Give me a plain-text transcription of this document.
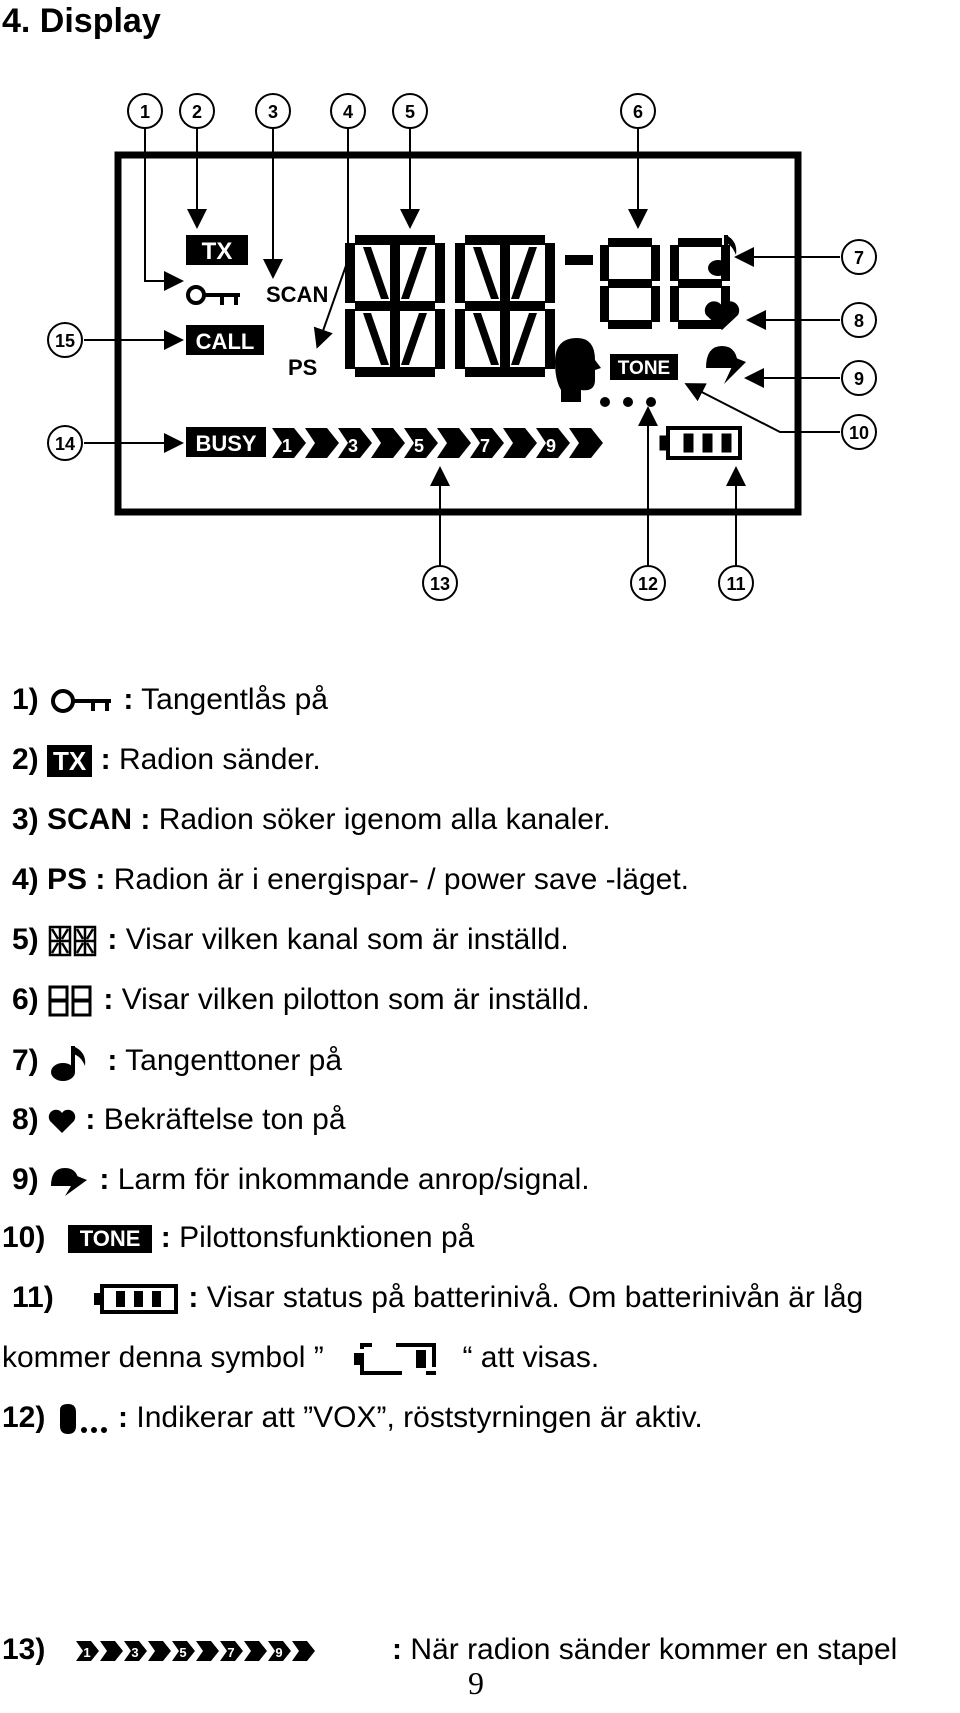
4. Display
TX
SCAN
CALL
PS	TONE
BUSY 1	3	5	7	9
1 2	3	4	5	6
7
8
9
10
11
12
13
14
15
1)	: Tangentlås på
2) TX : Radion sänder.
3) SCAN : Radion söker igenom alla kanaler.
4) PS : Radion är i energispar- / power save -läget.
5) : Visar vilken kanal som är inställd.
6) : Visar vilken pilotton som är inställd.
7) : Tangenttoner på
8) : Bekräftelse ton på
9) : Larm för inkommande anrop/signal.
10) TONE : Pilottonsfunktionen på
11)	: Visar status på batterinivå. Om batterinivån är låg
kommer denna symbol ”	“ att visas.
12) : Indikerar att ”VOX”, röststyrningen är aktiv.
13)	1	3	5	7	9	: När radion sänder kommer en stapel
9
